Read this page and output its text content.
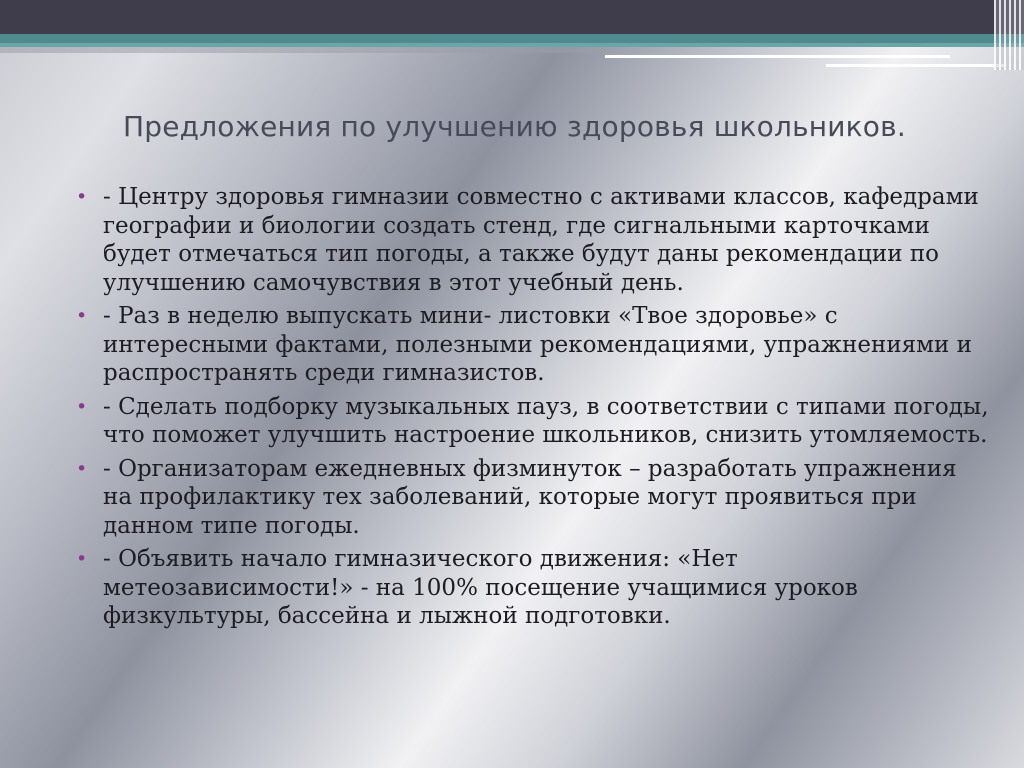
Предложения по улучшению здоровья школьников.
• - Центру здоровья гимназии совместно с активами классов, кафедрами географии и биологии создать стенд, где сигнальными карточками будет отмечаться тип погоды, а также будут даны рекомендации по улучшению самочувствия в этот учебный день.
• - Раз в неделю выпускать мини- листовки «Твое здоровье» с интересными фактами, полезными рекомендациями, упражнениями и распространять среди гимназистов.
• - Сделать подборку музыкальных пауз, в соответствии с типами погоды, что поможет улучшить настроение школьников, снизить утомляемость.
• - Организаторам ежедневных физминуток – разработать упражнения на профилактику тех заболеваний, которые могут проявиться при данном типе погоды.
• - Объявить начало гимназического движения: «Нет метеозависимости!» - на 100% посещение учащимися уроков физкультуры, бассейна и лыжной подготовки.
